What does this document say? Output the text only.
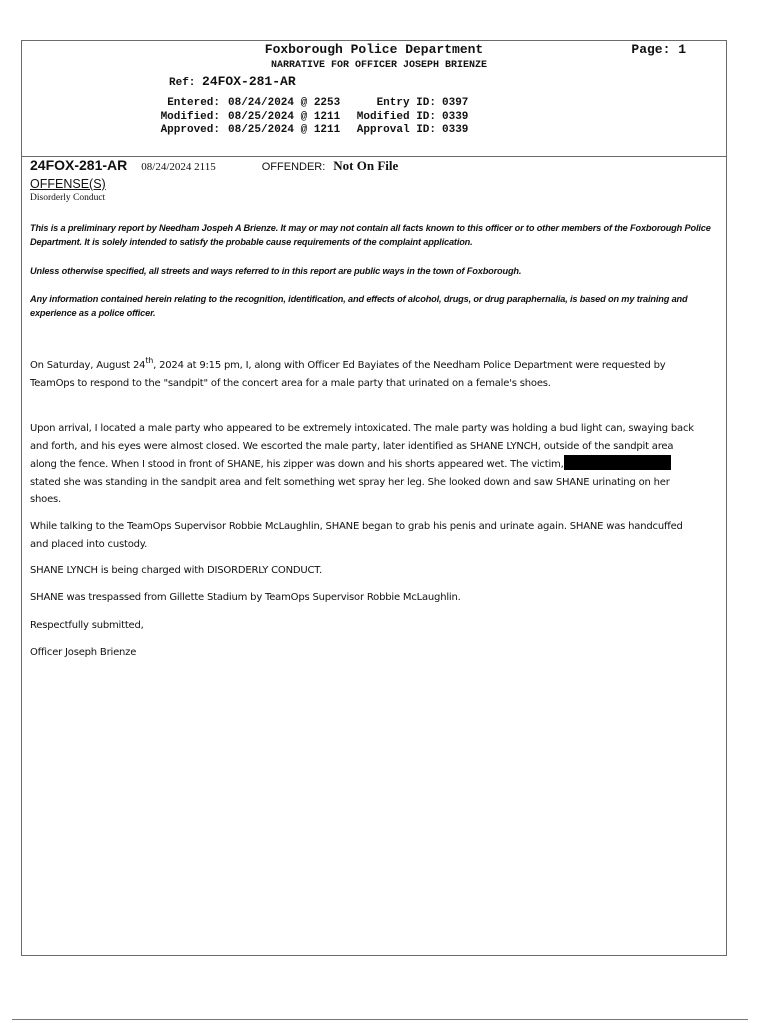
Foxborough Police Department	Page: 1
NARRATIVE FOR OFFICER JOSEPH BRIENZE
Ref: 24FOX-281-AR
Entered: 08/24/2024 @ 2253	Entry ID: 0397
Modified: 08/25/2024 @ 1211	Modified ID: 0339
Approved: 08/25/2024 @ 1211	Approval ID: 0339
24FOX-281-AR 08/24/2024 2115	OFFENDER: Not On File
OFFENSE(S)
Disorderly Conduct

This is a preliminary report by Needham Jospeh A Brienze. It may or may not contain all facts known to this officer or to other members of the Foxborough Police Department. It is solely intended to satisfy the probable cause requirements of the complaint application.

Unless otherwise specified, all streets and ways referred to in this report are public ways in the town of Foxborough.

Any information contained herein relating to the recognition, identification, and effects of alcohol, drugs, or drug paraphernalia, is based on my training and experience as a police officer.

On Saturday, August 24th, 2024 at 9:15 pm, I, along with Officer Ed Bayiates of the Needham Police Department were requested by TeamOps to respond to the "sandpit" of the concert area for a male party that urinated on a female's shoes.

Upon arrival, I located a male party who appeared to be extremely intoxicated. The male party was holding a bud light can, swaying back and forth, and his eyes were almost closed. We escorted the male party, later identified as SHANE LYNCH, outside of the sandpit area along the fence. When I stood in front of SHANE, his zipper was down and his shorts appeared wet. The victim,stated she was standing in the sandpit area and felt something wet spray her leg. She looked down and saw SHANE urinating on her shoes.

While talking to the TeamOps Supervisor Robbie McLaughlin, SHANE began to grab his penis and urinate again. SHANE was handcuffed and placed into custody.

SHANE LYNCH is being charged with DISORDERLY CONDUCT.

SHANE was trespassed from Gillette Stadium by TeamOps Supervisor Robbie McLaughlin.

Respectfully submitted,

Officer Joseph Brienze
